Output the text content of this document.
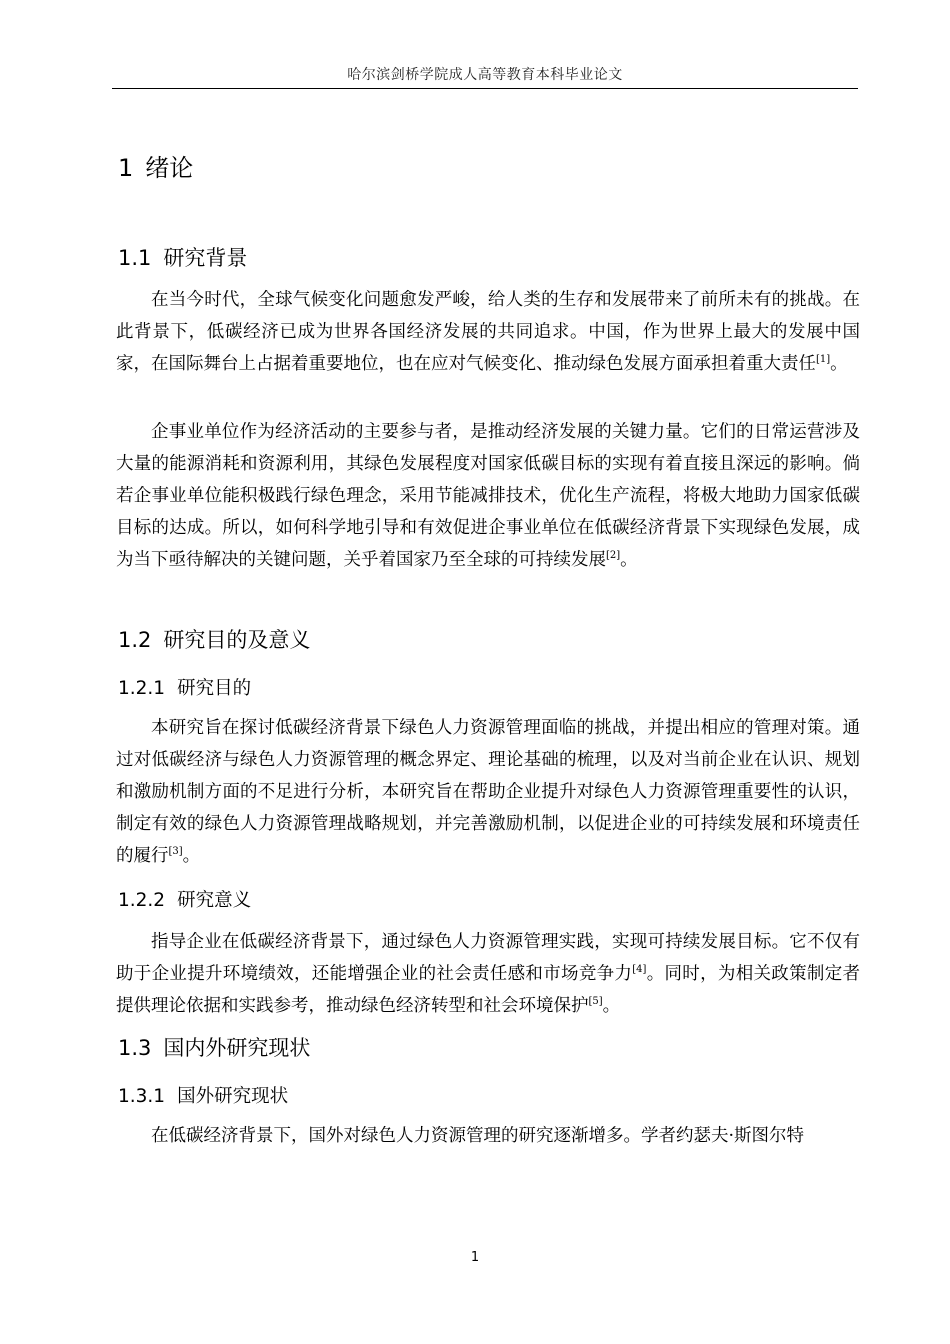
哈尔滨剑桥学院成人高等教育本科毕业论文
1 绪论
1.1 研究背景

在当今时代，全球气候变化问题愈发严峻，给人类的生存和发展带来了前所未有的挑战。在此背景下，低碳经济已成为世界各国经济发展的共同追求。中国，作为世界上最大的发展中国家，在国际舞台上占据着重要地位，也在应对气候变化、推动绿色发展方面承担着重大责任[1]。

企事业单位作为经济活动的主要参与者，是推动经济发展的关键力量。它们的日常运营涉及大量的能源消耗和资源利用，其绿色发展程度对国家低碳目标的实现有着直接且深远的影响。倘若企事业单位能积极践行绿色理念，采用节能减排技术，优化生产流程，将极大地助力国家低碳目标的达成。所以，如何科学地引导和有效促进企事业单位在低碳经济背景下实现绿色发展，成为当下亟待解决的关键问题，关乎着国家乃至全球的可持续发展[2]。

1.2 研究目的及意义
1.2.1 研究目的

本研究旨在探讨低碳经济背景下绿色人力资源管理面临的挑战，并提出相应的管理对策。通过对低碳经济与绿色人力资源管理的概念界定、理论基础的梳理，以及对当前企业在认识、规划和激励机制方面的不足进行分析，本研究旨在帮助企业提升对绿色人力资源管理重要性的认识，制定有效的绿色人力资源管理战略规划，并完善激励机制，以促进企业的可持续发展和环境责任的履行[3]。

1.2.2 研究意义

指导企业在低碳经济背景下，通过绿色人力资源管理实践，实现可持续发展目标。它不仅有助于企业提升环境绩效，还能增强企业的社会责任感和市场竞争力[4]。同时，为相关政策制定者提供理论依据和实践参考，推动绿色经济转型和社会环境保护[5]。

1.3 国内外研究现状
1.3.1 国外研究现状

在低碳经济背景下，国外对绿色人力资源管理的研究逐渐增多。学者约瑟夫·斯图尔特

1
